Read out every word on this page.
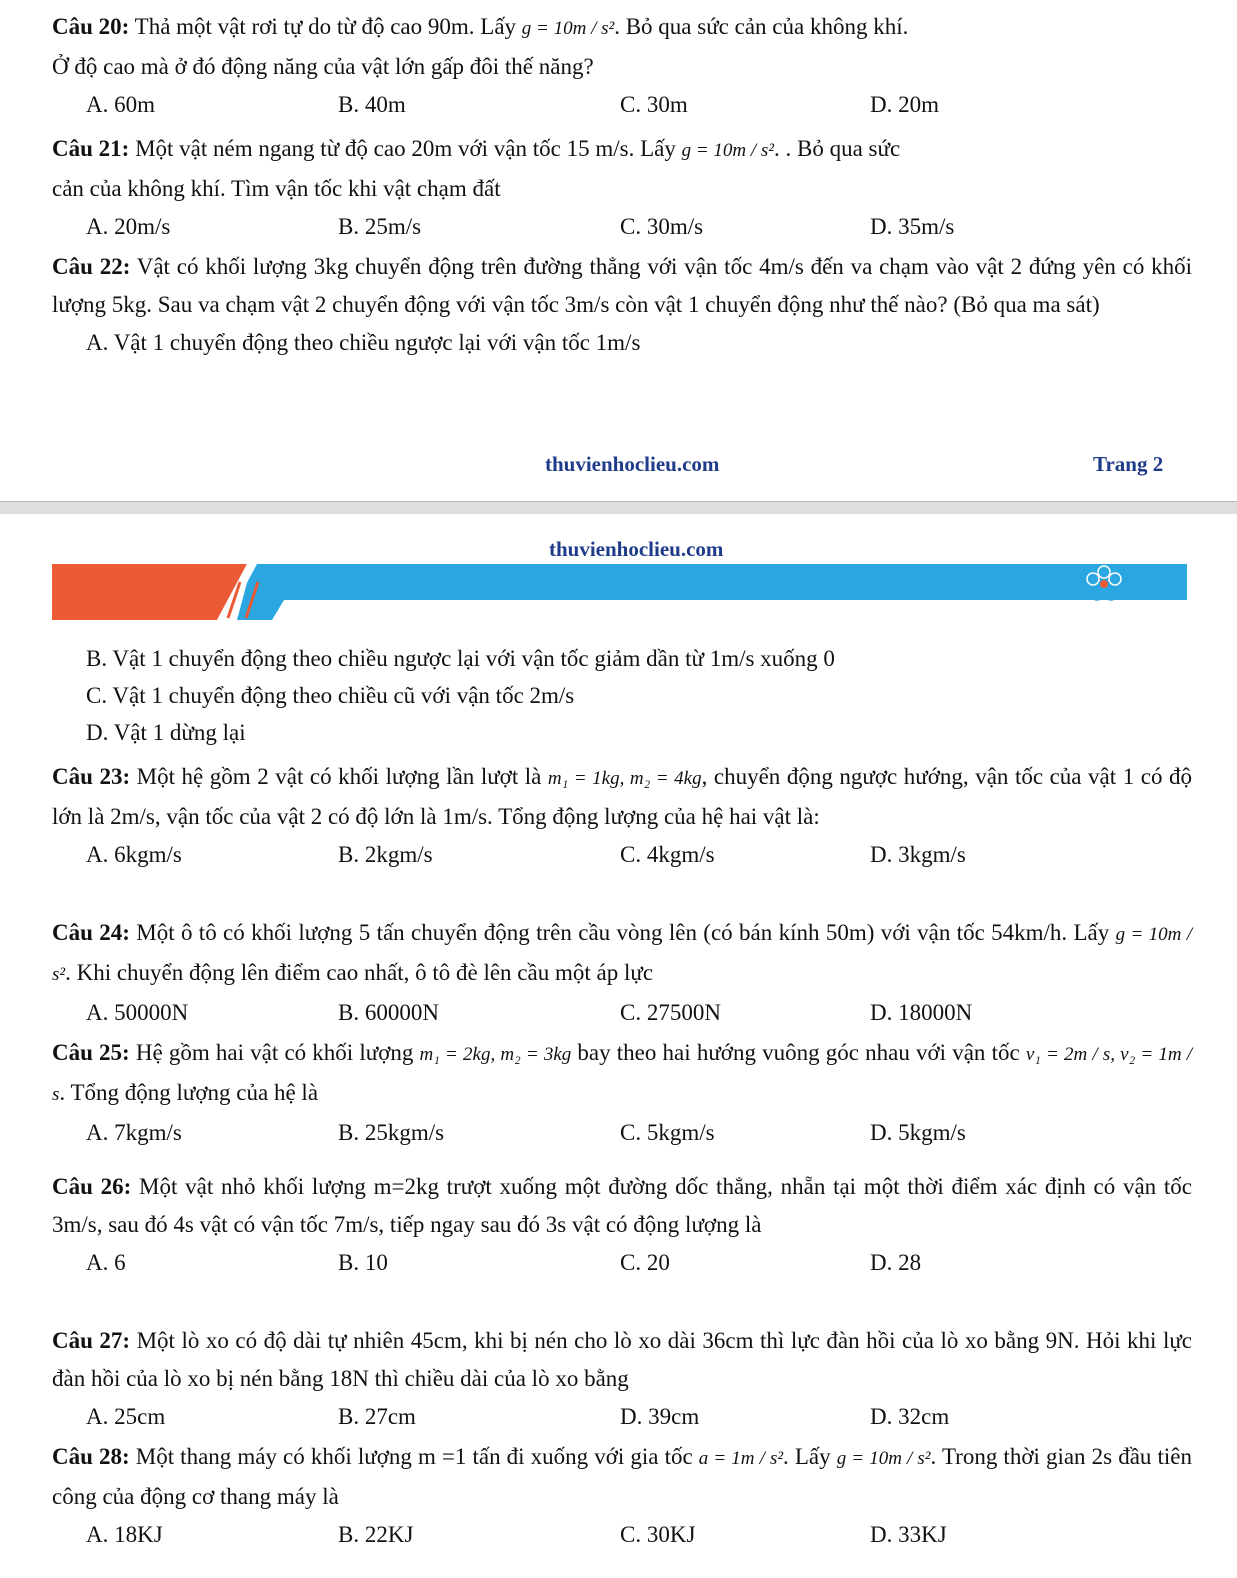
Câu 20: Thả một vật rơi tự do từ độ cao 90m. Lấy g = 10m / s². Bỏ qua sức cản của không khí.
Ở độ cao mà ở đó động năng của vật lớn gấp đôi thế năng?

A. 60m	B. 40m	C. 30m	D. 20m

Câu 21: Một vật ném ngang từ độ cao 20m với vận tốc 15 m/s. Lấy g = 10m / s². . Bỏ qua sức
cản của không khí. Tìm vận tốc khi vật chạm đất

A. 20m/s	B. 25m/s	C. 30m/s	D. 35m/s

Câu 22: Vật có khối lượng 3kg chuyển động trên đường thẳng với vận tốc 4m/s đến va chạm vào vật 2 đứng yên có khối lượng 5kg. Sau va chạm vật 2 chuyển động với vận tốc 3m/s còn vật 1 chuyển động như thế nào? (Bỏ qua ma sát)

A. Vật 1 chuyển động theo chiều ngược lại với vận tốc 1m/s
thuvienhoclieu.com	Trang 2
thuvienhoclieu.com
B. Vật 1 chuyển động theo chiều ngược lại với vận tốc giảm dần từ 1m/s xuống 0
C. Vật 1 chuyển động theo chiều cũ với vận tốc 2m/s
D. Vật 1 dừng lại

Câu 23: Một hệ gồm 2 vật có khối lượng lần lượt là m₁ = 1kg, m₂ = 4kg, chuyển động ngược hướng, vận tốc của vật 1 có độ lớn là 2m/s, vận tốc của vật 2 có độ lớn là 1m/s. Tổng động lượng của hệ hai vật là:

A. 6kgm/s	B. 2kgm/s	C. 4kgm/s	D. 3kgm/s

Câu 24: Một ô tô có khối lượng 5 tấn chuyển động trên cầu vòng lên (có bán kính 50m) với vận tốc 54km/h. Lấy g = 10m / s². Khi chuyển động lên điểm cao nhất, ô tô đè lên cầu một áp lực

A. 50000N	B. 60000N	C. 27500N	D. 18000N

Câu 25: Hệ gồm hai vật có khối lượng m₁ = 2kg, m₂ = 3kg bay theo hai hướng vuông góc nhau với vận tốc v₁ = 2m / s, v₂ = 1m / s. Tổng động lượng của hệ là

A. 7kgm/s	B. 25kgm/s	C. 5kgm/s	D. 5kgm/s

Câu 26: Một vật nhỏ khối lượng m=2kg trượt xuống một đường dốc thẳng, nhẵn tại một thời điểm xác định có vận tốc 3m/s, sau đó 4s vật có vận tốc 7m/s, tiếp ngay sau đó 3s vật có động lượng là

A. 6	B. 10	C. 20	D. 28

Câu 27: Một lò xo có độ dài tự nhiên 45cm, khi bị nén cho lò xo dài 36cm thì lực đàn hồi của lò xo bằng 9N. Hỏi khi lực đàn hồi của lò xo bị nén bằng 18N thì chiều dài của lò xo bằng

A. 25cm	B. 27cm	D. 39cm	D. 32cm

Câu 28: Một thang máy có khối lượng m =1 tấn đi xuống với gia tốc a = 1m / s². Lấy g = 10m / s². Trong thời gian 2s đầu tiên công của động cơ thang máy là

A. 18KJ	B. 22KJ	C. 30KJ	D. 33KJ
